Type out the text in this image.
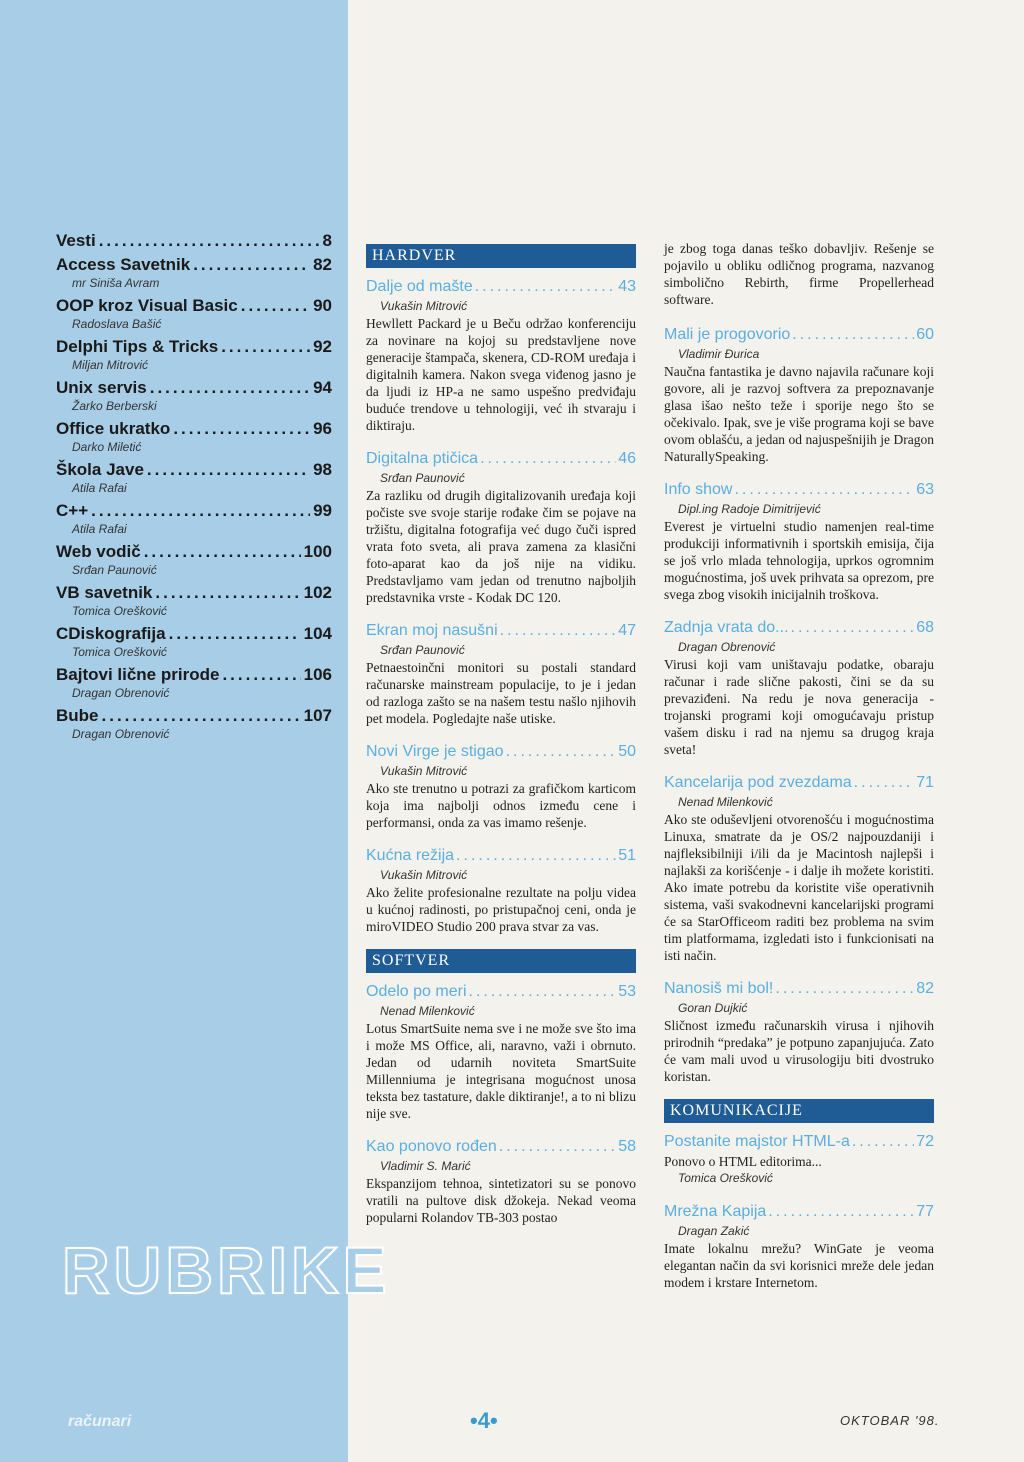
Vesti .....	8
Access Savetnik .....	82
mr Siniša Avram
OOP kroz Visual Basic .....	90
Radoslava Bašić
Delphi Tips & Tricks .....	92
Miljan Mitrović
Unix servis .....	94
Žarko Berberski
Office ukratko .....	96
Darko Miletić
Škola Jave .....	98
Atila Rafai
C++ .....	99
Atila Rafai
Web vodič .....	100
Srđan Paunović
VB savetnik .....	102
Tomica Orešković
CDiskografija .....	104
Tomica Orešković
Bajtovi lične prirode .....	106
Dragan Obrenović
Bube .....	107
Dragan Obrenović
RUBRIKE
računari
HARDVER
Dalje od mašte .....	43
Vukašin Mitrović
Hewllett Packard je u Beču održao konferenciju za novinare na kojoj su predstavljene nove generacije štampača, skenera, CD-ROM uređaja i digitalnih kamera. Nakon svega viđenog jasno je da ljudi iz HP-a ne samo uspešno predviđaju buduće trendove u tehnologiji, već ih stvaraju i diktiraju.
Digitalna ptičica .....	46
Srđan Paunović
Za razliku od drugih digitalizovanih uređaja koji počiste sve svoje starije rođake čim se pojave na tržištu, digitalna fotografija već dugo čuči ispred vrata foto sveta, ali prava zamena za klasični foto-aparat kao da još nije na vidiku. Predstavljamo vam jedan od trenutno najboljih predstavnika vrste - Kodak DC 120.
Ekran moj nasušni .....	47
Srđan Paunović
Petnaestoinčni monitori su postali standard računarske mainstream populacije, to je i jedan od razloga zašto se na našem testu našlo njihovih pet modela. Pogledajte naše utiske.
Novi Virge je stigao .....	50
Vukašin Mitrović
Ako ste trenutno u potrazi za grafičkom karticom koja ima najbolji odnos između cene i performansi, onda za vas imamo rešenje.
Kućna režija .....	51
Vukašin Mitrović
Ako želite profesionalne rezultate na polju videa u kućnoj radinosti, po pristupačnoj ceni, onda je miroVIDEO Studio 200 prava stvar za vas.
SOFTVER
Odelo po meri .....	53
Nenad Milenković
Lotus SmartSuite nema sve i ne može sve što ima i može MS Office, ali, naravno, važi i obrnuto. Jedan od udarnih noviteta SmartSuite Millenniuma je integrisana mogućnost unosa teksta bez tastature, dakle diktiranje!, a to ni blizu nije sve.
Kao ponovo rođen .....	58
Vladimir S. Marić
Ekspanzijom tehnoa, sintetizatori su se ponovo vratili na pultove disk džokeja. Nekad veoma popularni Rolandov TB-303 postao
je zbog toga danas teško dobavljiv. Rešenje se pojavilo u obliku odličnog programa, nazvanog simbolično Rebirth, firme Propellerhead software.
Mali je progovorio .....	60
Vladimir Đurica
Naučna fantastika je davno najavila računare koji govore, ali je razvoj softvera za prepoznavanje glasa išao nešto teže i sporije nego što se očekivalo. Ipak, sve je više programa koji se bave ovom oblašću, a jedan od najuspešnijih je Dragon NaturallySpeaking.
Info show .....	63
Dipl.ing Radoje Dimitrijević
Everest je virtuelni studio namenjen real-time produkciji informativnih i sportskih emisija, čija se još vrlo mlada tehnologija, uprkos ogromnim mogućnostima, još uvek prihvata sa oprezom, pre svega zbog visokih inicijalnih troškova.
Zadnja vrata do... .....	68
Dragan Obrenović
Virusi koji vam uništavaju podatke, obaraju računar i rade slične pakosti, čini se da su prevaziđeni. Na redu je nova generacija - trojanski programi koji omogućavaju pristup vašem disku i rad na njemu sa drugog kraja sveta!
Kancelarija pod zvezdama .....	71
Nenad Milenković
Ako ste oduševljeni otvorenošću i mogućnostima Linuxa, smatrate da je OS/2 najpouzdaniji i najfleksibilniji i/ili da je Macintosh najlepši i najlakši za korišćenje - i dalje ih možete koristiti. Ako imate potrebu da koristite više operativnih sistema, vaši svakodnevni kancelarijski programi će sa StarOfficeom raditi bez problema na svim tim platformama, izgledati isto i funkcionisati na isti način.
Nanosiš mi bol! .....	82
Goran Dujkić
Sličnost između računarskih virusa i njihovih prirodnih “predaka” je potpuno zapanjujuća. Zato će vam mali uvod u virusologiju biti dvostruko koristan.
KOMUNIKACIJE
Postanite majstor HTML-a .....	72
Ponovo o HTML editorima...
Tomica Orešković
Mrežna Kapija .....	77
Dragan Zakić
Imate lokalnu mrežu? WinGate je veoma elegantan način da svi korisnici mreže dele jedan modem i krstare Internetom.
•4•	OKTOBAR '98.
